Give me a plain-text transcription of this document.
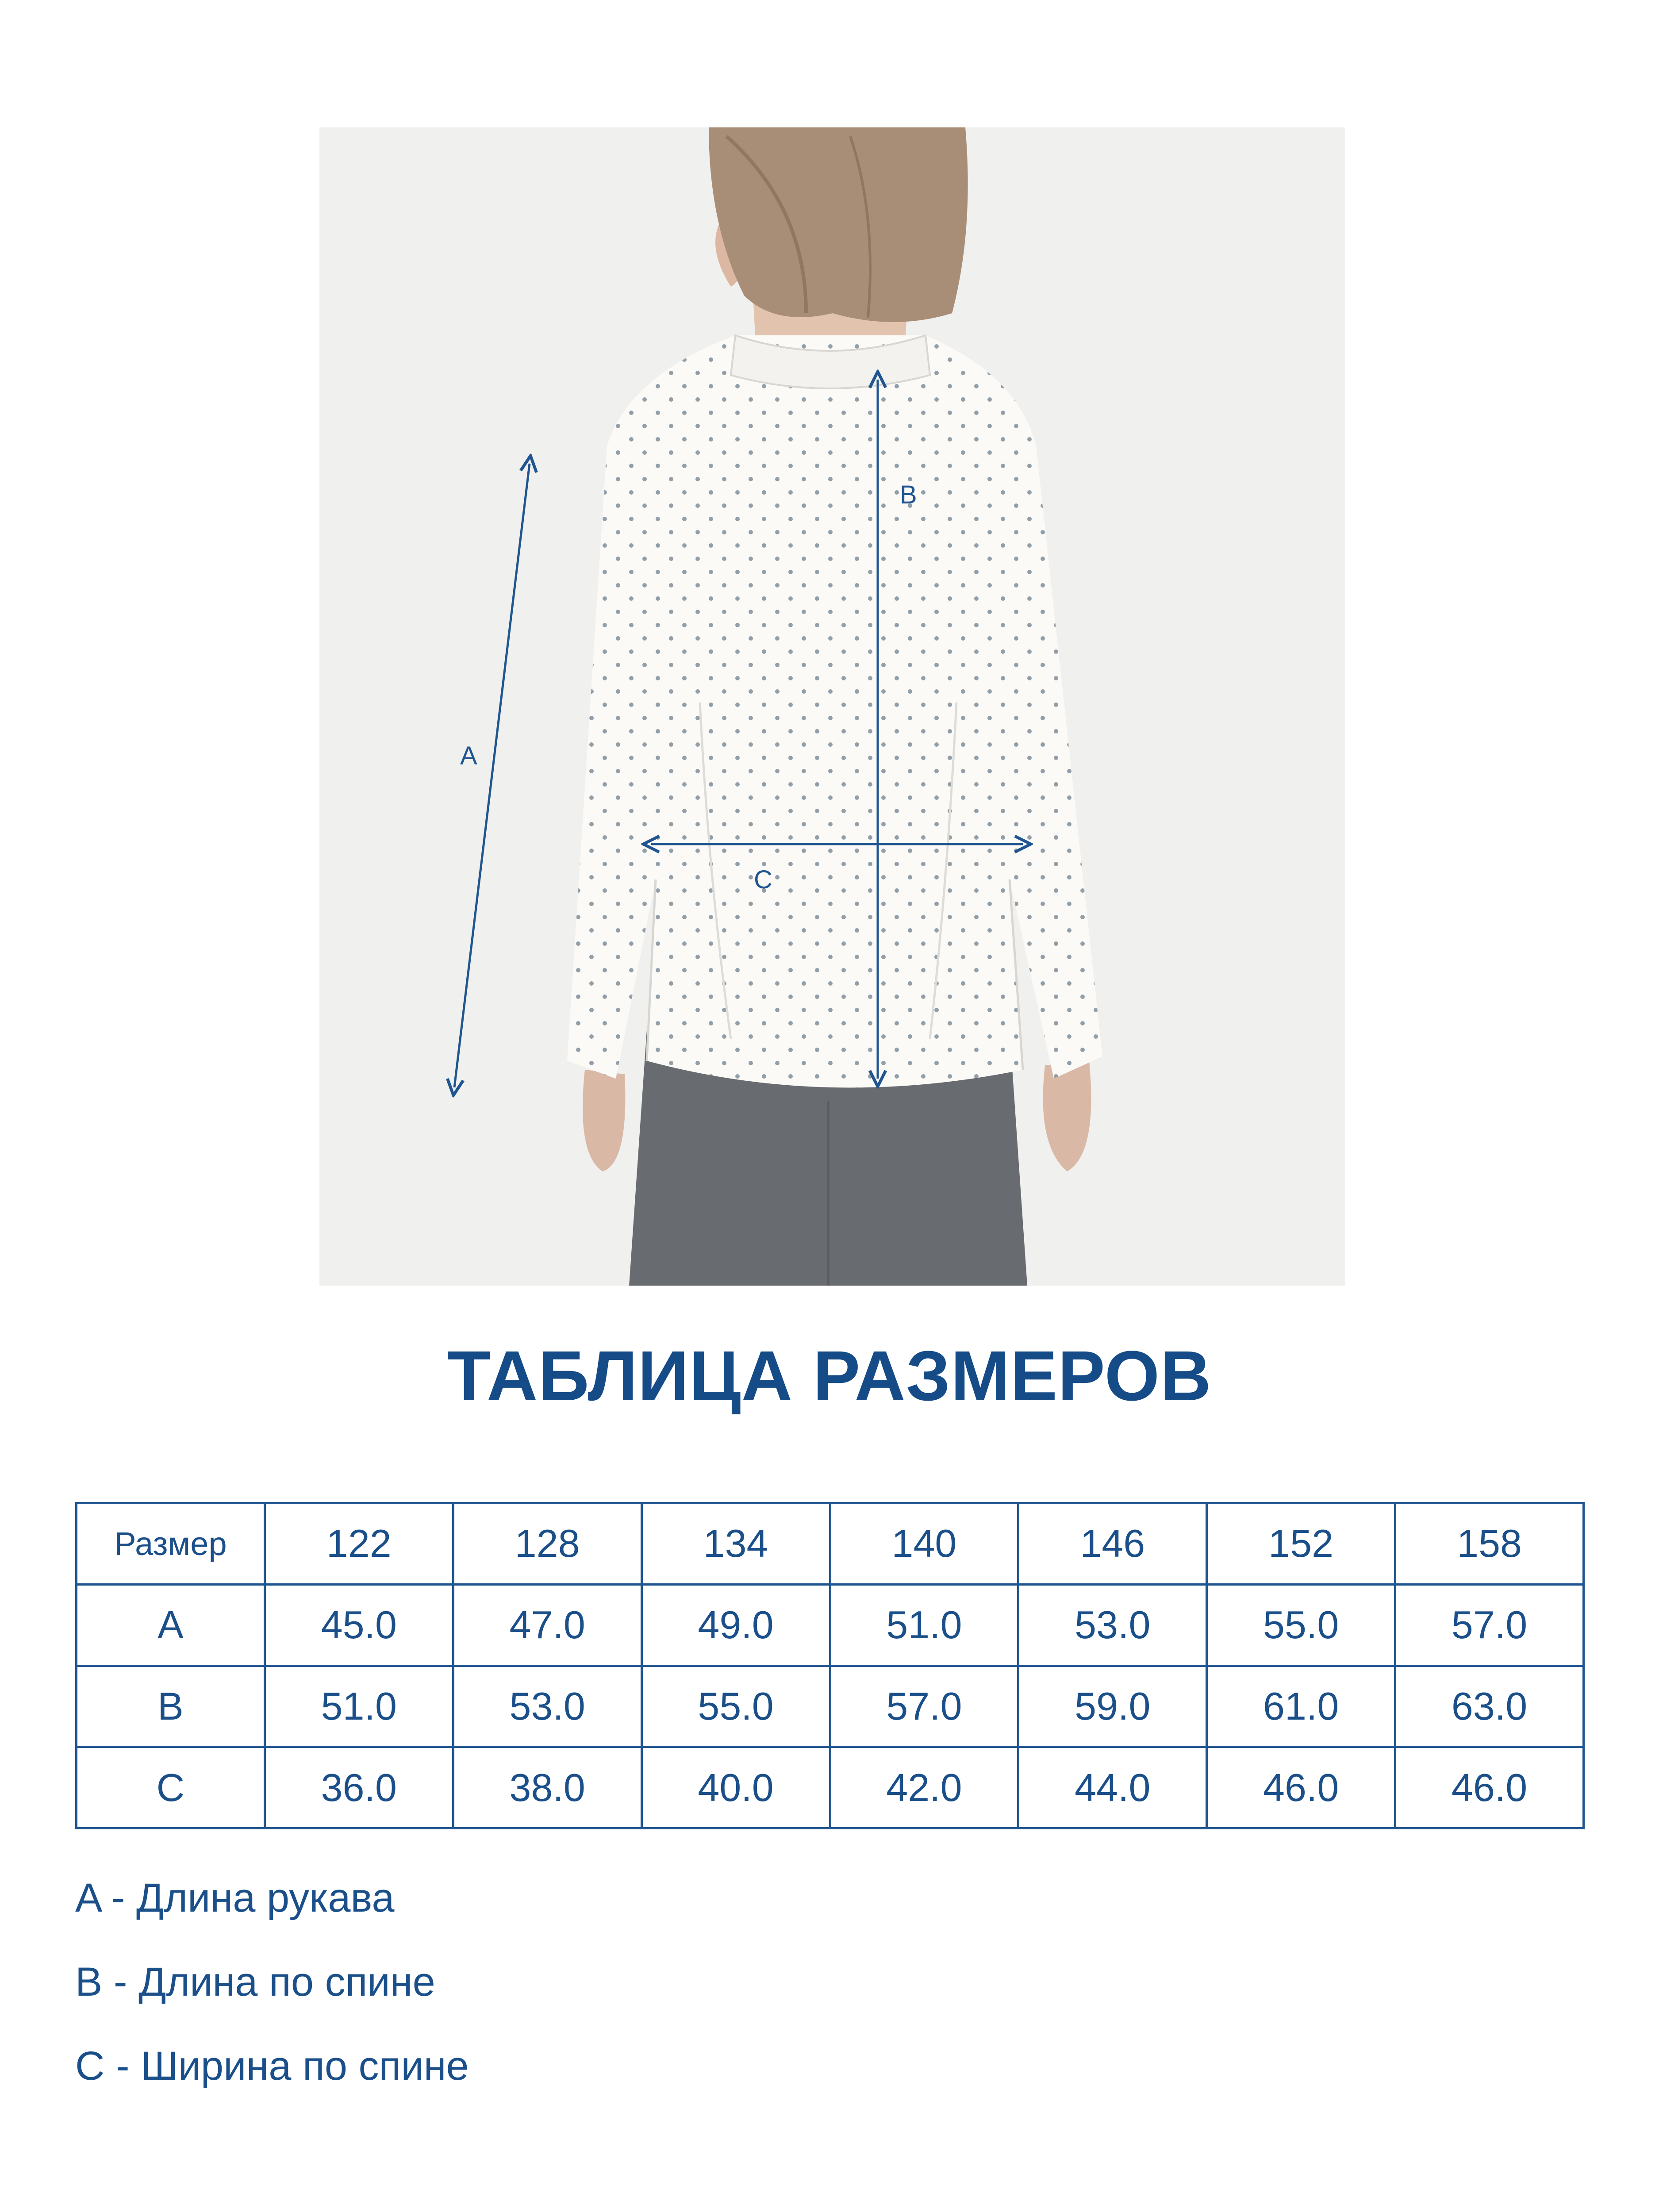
A
B
C
ТАБЛИЦА РАЗМЕРОВ
Размер	122	128	134	140	146	152	158
A	45.0	47.0	49.0	51.0	53.0	55.0	57.0
B	51.0	53.0	55.0	57.0	59.0	61.0	63.0
C	36.0	38.0	40.0	42.0	44.0	46.0	46.0
A - Длина рукава
B - Длина по спине
C - Ширина по спине
